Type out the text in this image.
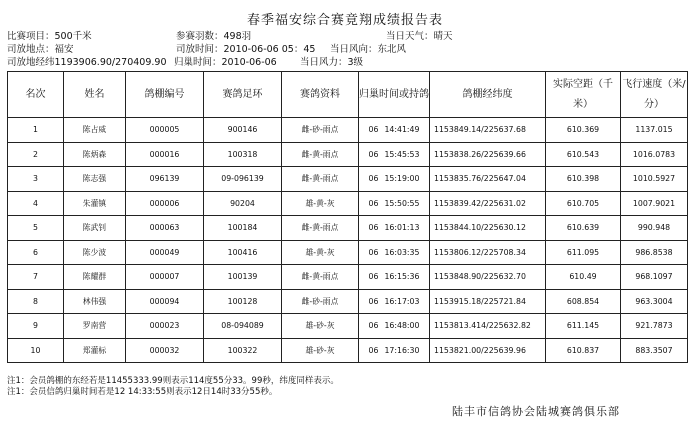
春季福安综合赛竟翔成绩报告表
比赛项目：500千米
司放地点：福安
司放地经纬1193906.90/270409.90
参赛羽数：498羽
司放时间：2010-06-06 05：45
归巢时间：2010-06-06
当日天气：晴天
当日风向：东北风
当日风力：3级
名次	姓名	鸽棚编号	赛鸽足环	赛鸽资料	归巢时间或持鸽	鸽棚经纬度	实际空距（千米）	飞行速度（米/分）
1	陈占威	000005	900146	雌-砂-雨点	06 14:41:49	1153849.14/225637.68	610.369	1137.015
2	陈炳森	000016	100318	雌-黄-雨点	06 15:45:53	1153838.26/225639.66	610.543	1016.0783
3	陈志强	096139	09-096139	雌-黄-雨点	06 15:19:00	1153835.76/225647.04	610.398	1010.5927
4	朱灌镇	000006	90204	雄-黄-灰	06 15:50:55	1153839.42/225631.02	610.705	1007.9021
5	陈武钊	000063	100184	雌-黄-雨点	06 16:01:13	1153844.10/225630.12	610.639	990.948
6	陈少波	000049	100416	雄-黄-灰	06 16:03:35	1153806.12/225708.34	611.095	986.8538
7	陈耀群	000007	100139	雌-黄-雨点	06 16:15:36	1153848.90/225632.70	610.49	968.1097
8	林伟强	000094	100128	雌-砂-雨点	06 16:17:03	1153915.18/225721.84	608.854	963.3004
9	罗南营	000023	08-094089	雄-砂-灰	06 16:48:00	1153813.414/225632.82	611.145	921.7873
10	郑灌标	000032	100322	雄-砂-灰	06 17:16:30	1153821.00/225639.96	610.837	883.3507
注1：会员鸽棚的东经若是11455333.99则表示114度55分33。99秒，纬度同样表示。
注1：会员信鸽归巢时间若是12 14:33:55则表示12日14时33分55秒。
陆丰市信鸽协会陆城赛鸽俱乐部
